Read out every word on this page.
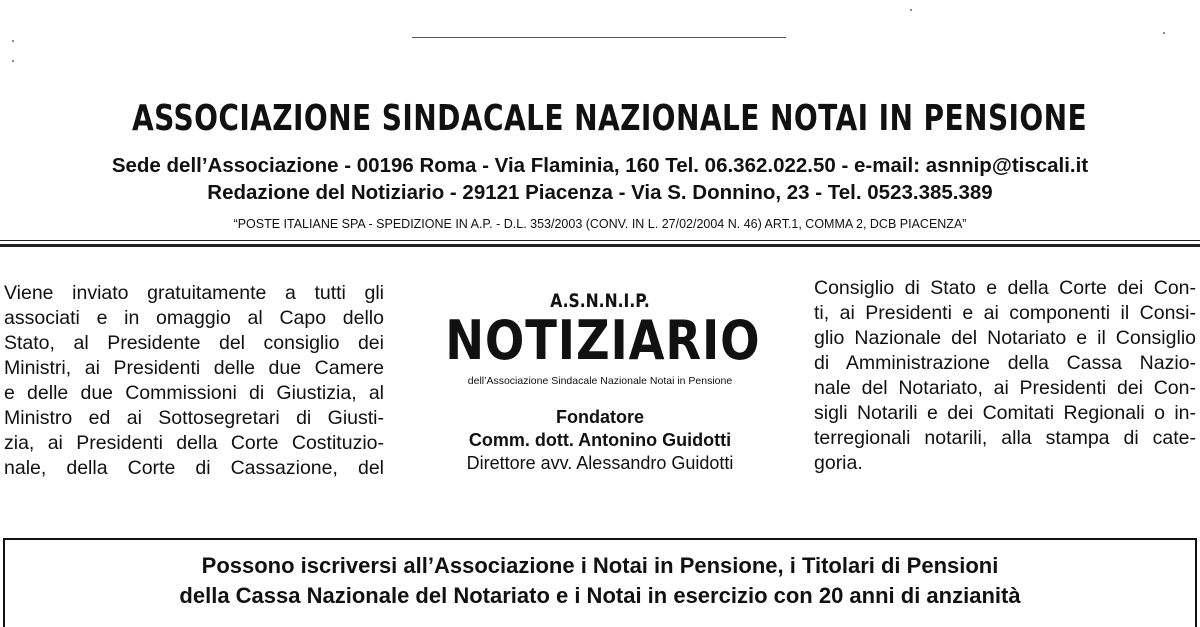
ASSOCIAZIONE SINDACALE NAZIONALE NOTAI IN PENSIONE
Sede dell’Associazione - 00196 Roma - Via Flaminia, 160 Tel. 06.362.022.50 - e-mail: asnnip@tiscali.it
Redazione del Notiziario - 29121 Piacenza - Via S. Donnino, 23 - Tel. 0523.385.389
“POSTE ITALIANE SPA - SPEDIZIONE IN A.P. - D.L. 353/2003 (CONV. IN L. 27/02/2004 N. 46) ART.1, COMMA 2, DCB PIACENZA”
Viene inviato gratuitamente a tutti gli
associati e in omaggio al Capo dello
Stato, al Presidente del consiglio dei
Ministri, ai Presidenti delle due Camere
e delle due Commissioni di Giustizia, al
Ministro ed ai Sottosegretari di Giusti-
zia, ai Presidenti della Corte Costituzio-
nale, della Corte di Cassazione, del
A.S.N.N.I.P.
NOTIZIARIO
dell’Associazione Sindacale Nazionale Notai in Pensione
Fondatore
Comm. dott. Antonino Guidotti
Direttore avv. Alessandro Guidotti
Consiglio di Stato e della Corte dei Con-
ti, ai Presidenti e ai componenti il Consi-
glio Nazionale del Notariato e il Consiglio
di Amministrazione della Cassa Nazio-
nale del Notariato, ai Presidenti dei Con-
sigli Notarili e dei Comitati Regionali o in-
terregionali notarili, alla stampa di cate-
goria.
Possono iscriversi all’Associazione i Notai in Pensione, i Titolari di Pensioni
della Cassa Nazionale del Notariato e i Notai in esercizio con 20 anni di anzianità
